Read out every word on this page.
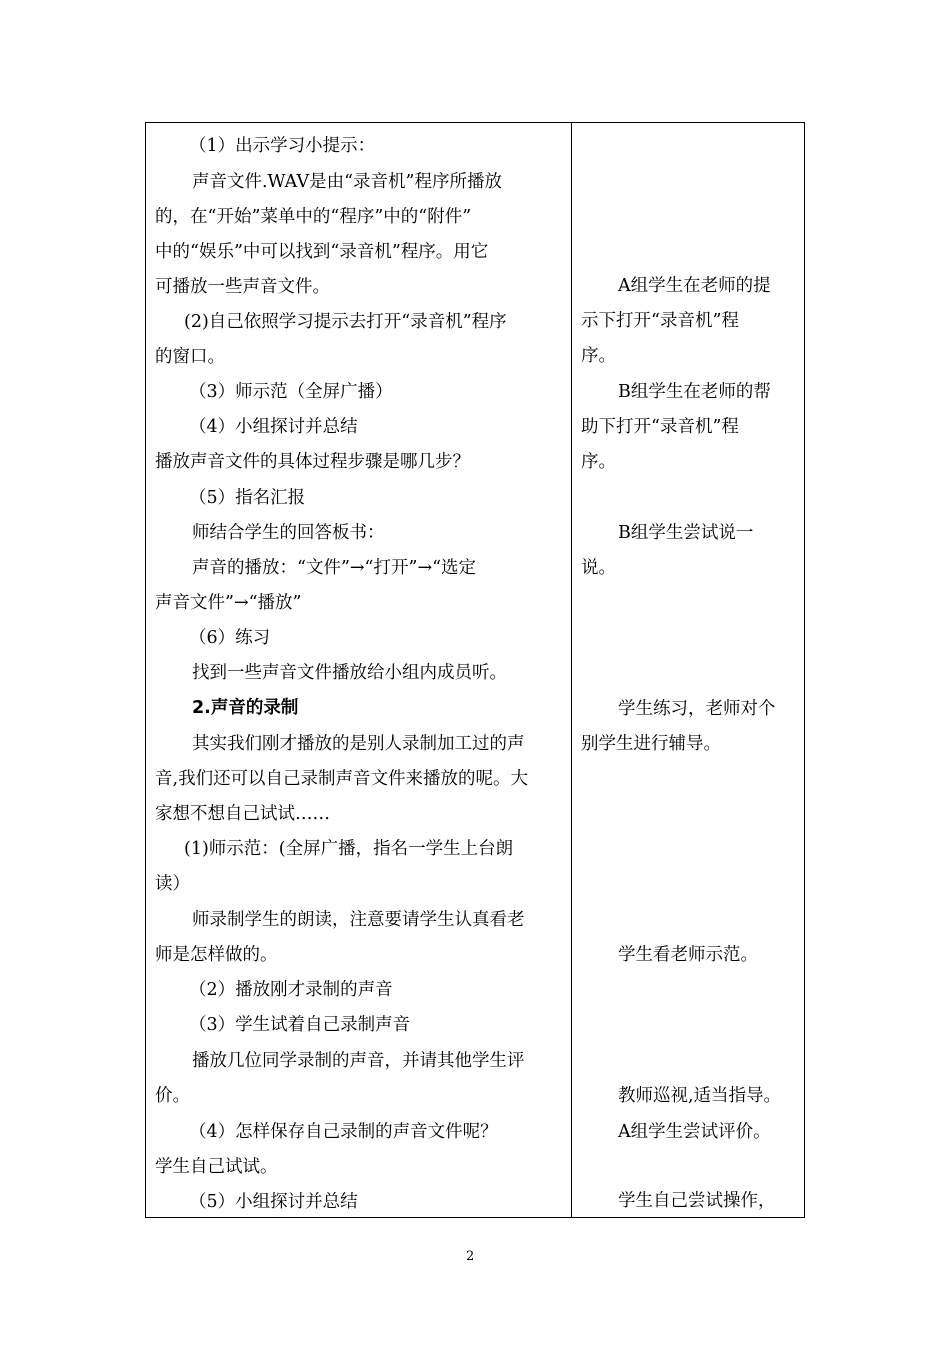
（1）出示学习小提示：
声音文件.WAV是由“录音机”程序所播放
的，在“开始”菜单中的“程序”中的“附件”
中的“娱乐”中可以找到“录音机”程序。用它
可播放一些声音文件。
(2)自己依照学习提示去打开“录音机”程序
的窗口。
（3）师示范（全屏广播）
（4）小组探讨并总结
播放声音文件的具体过程步骤是哪几步？
（5）指名汇报
师结合学生的回答板书：
声音的播放：“文件”→“打开”→“选定
声音文件”→“播放”
（6）练习
找到一些声音文件播放给小组内成员听。
2.声音的录制
其实我们刚才播放的是别人录制加工过的声
音,我们还可以自己录制声音文件来播放的呢。大
家想不想自己试试……
(1)师示范：(全屏广播，指名一学生上台朗
读）
师录制学生的朗读，注意要请学生认真看老
师是怎样做的。
（2）播放刚才录制的声音
（3）学生试着自己录制声音
播放几位同学录制的声音，并请其他学生评
价。
（4）怎样保存自己录制的声音文件呢？
学生自己试试。
（5）小组探讨并总结
A组学生在老师的提
示下打开“录音机”程
序。
B组学生在老师的帮
助下打开“录音机”程
序。
B组学生尝试说一
说。
学生练习，老师对个
别学生进行辅导。
学生看老师示范。
教师巡视,适当指导。
A组学生尝试评价。
学生自己尝试操作，
2
